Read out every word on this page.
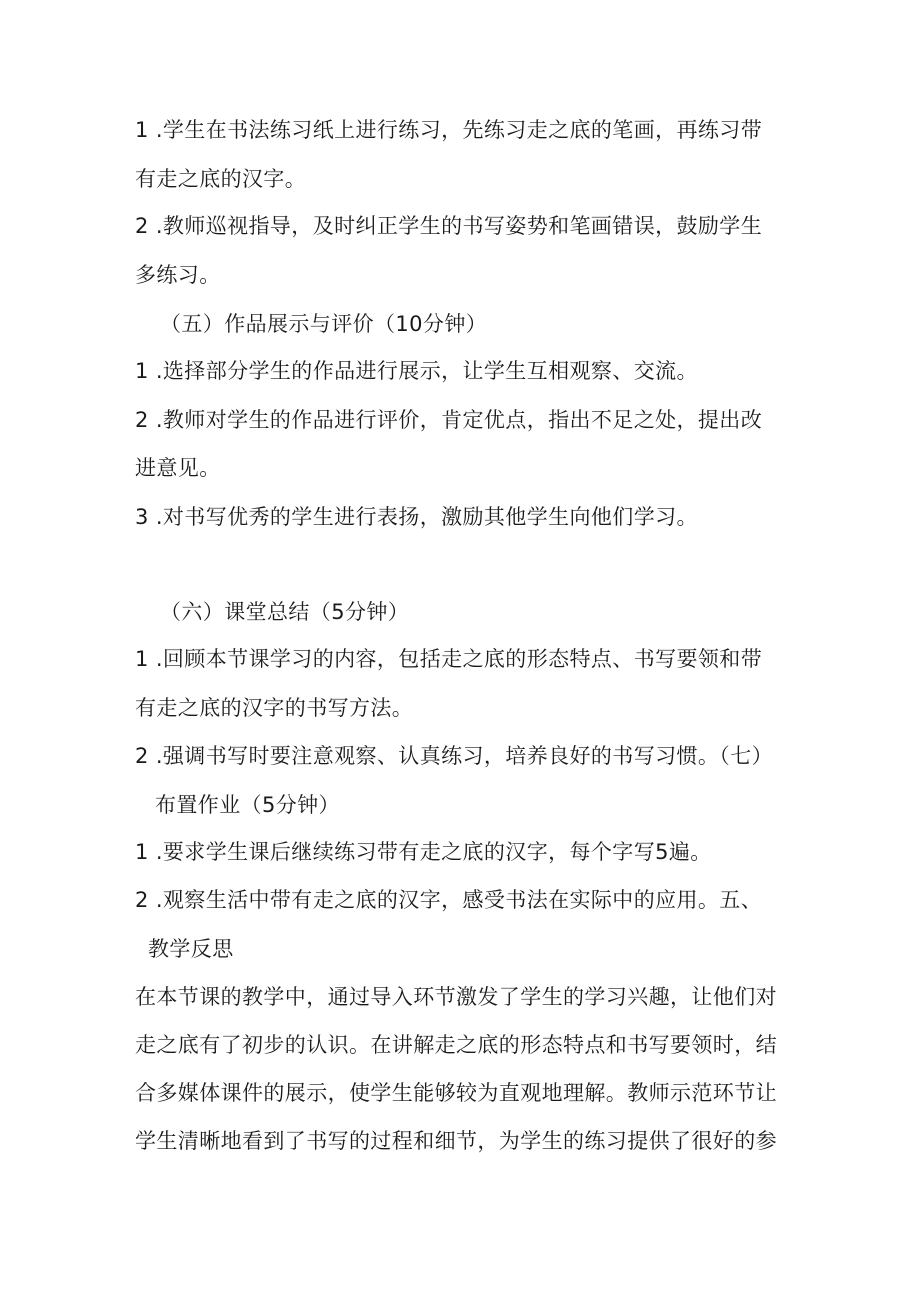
1 .学生在书法练习纸上进行练习，先练习走之底的笔画，再练习带
有走之底的汉字。
2 .教师巡视指导，及时纠正学生的书写姿势和笔画错误，鼓励学生
多练习。
（五）作品展示与评价（10分钟）
1 .选择部分学生的作品进行展示，让学生互相观察、交流。
2 .教师对学生的作品进行评价，肯定优点，指出不足之处，提出改
进意见。
3 .对书写优秀的学生进行表扬，激励其他学生向他们学习。
（六）课堂总结（5分钟）
1 .回顾本节课学习的内容，包括走之底的形态特点、书写要领和带
有走之底的汉字的书写方法。
2 .强调书写时要注意观察、认真练习，培养良好的书写习惯。（七）
布置作业（5分钟）
1 .要求学生课后继续练习带有走之底的汉字，每个字写5遍。
2 .观察生活中带有走之底的汉字，感受书法在实际中的应用。五、
教学反思
在本节课的教学中，通过导入环节激发了学生的学习兴趣，让他们对
走之底有了初步的认识。在讲解走之底的形态特点和书写要领时，结
合多媒体课件的展示，使学生能够较为直观地理解。教师示范环节让
学生清晰地看到了书写的过程和细节，为学生的练习提供了很好的参
